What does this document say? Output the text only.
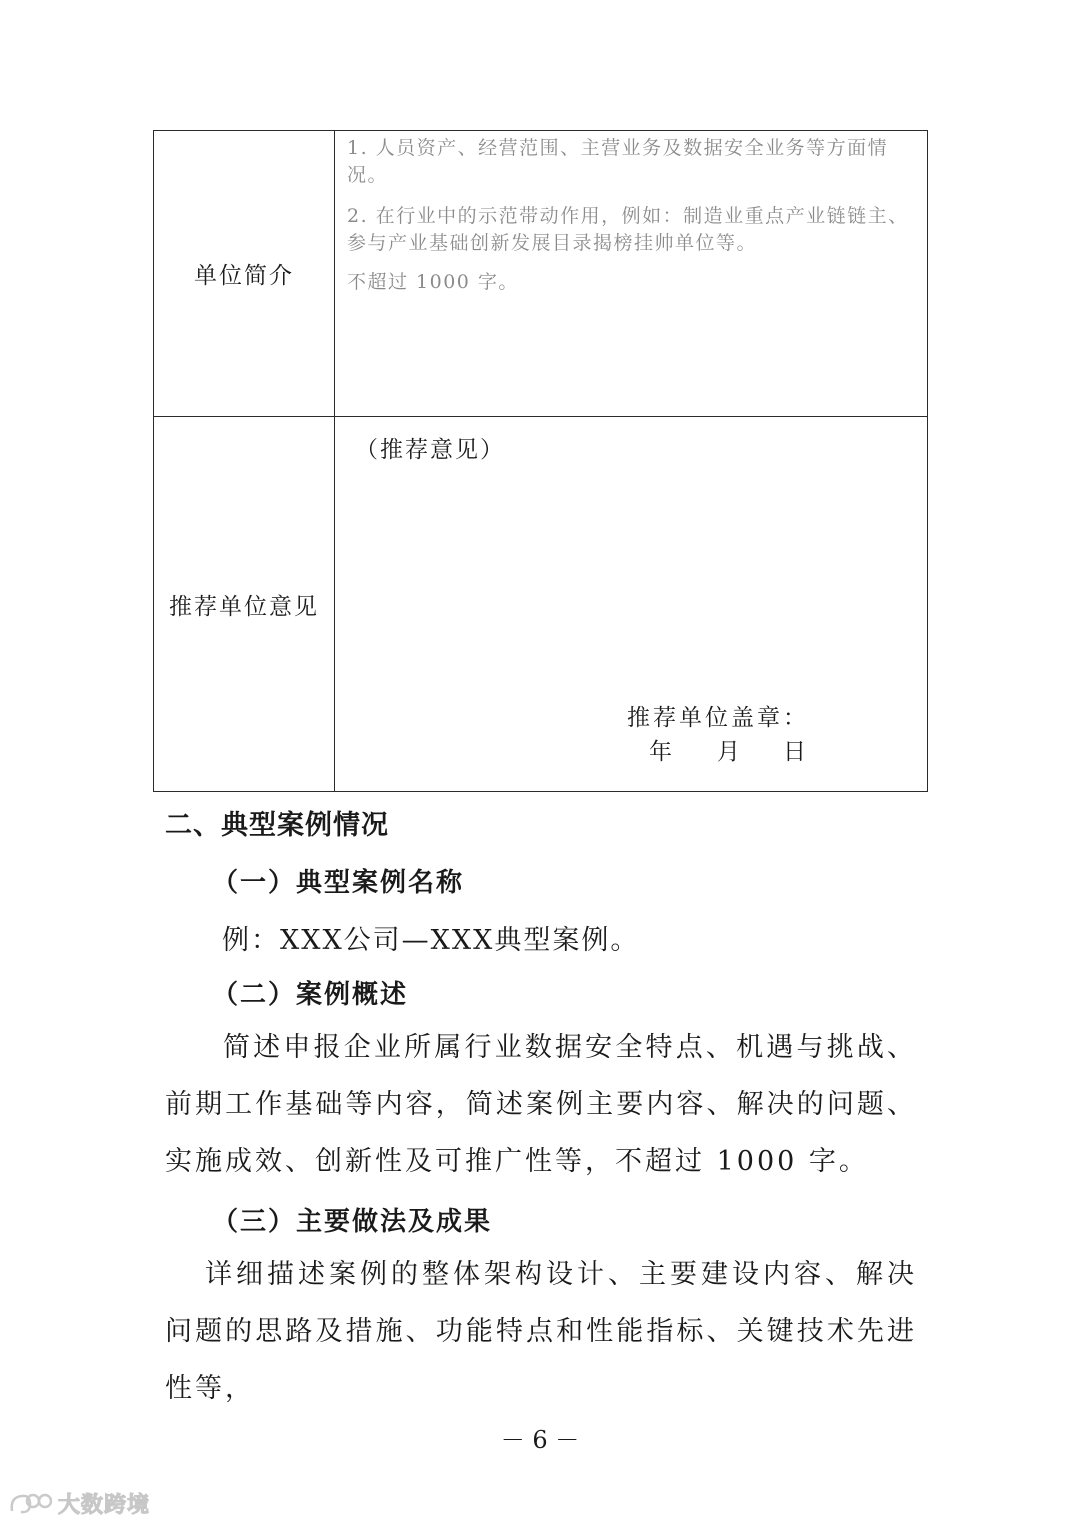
单位简介
1. 人员资产、经营范围、主营业务及数据安全业务等方面情况。
2. 在行业中的示范带动作用，例如：制造业重点产业链链主、参与产业基础创新发展目录揭榜挂帅单位等。
不超过 1000 字。
推荐单位意见
（推荐意见）
推荐单位盖章：
年 月 日
二、典型案例情况
（一）典型案例名称
例：XXX公司—XXX典型案例。
（二）案例概述
简述申报企业所属行业数据安全特点、机遇与挑战、前期工作基础等内容，简述案例主要内容、解决的问题、实施成效、创新性及可推广性等，不超过 1000 字。
（三）主要做法及成果
详细描述案例的整体架构设计、主要建设内容、解决问题的思路及措施、功能特点和性能指标、关键技术先进性等，
－ 6 －
大数跨境
